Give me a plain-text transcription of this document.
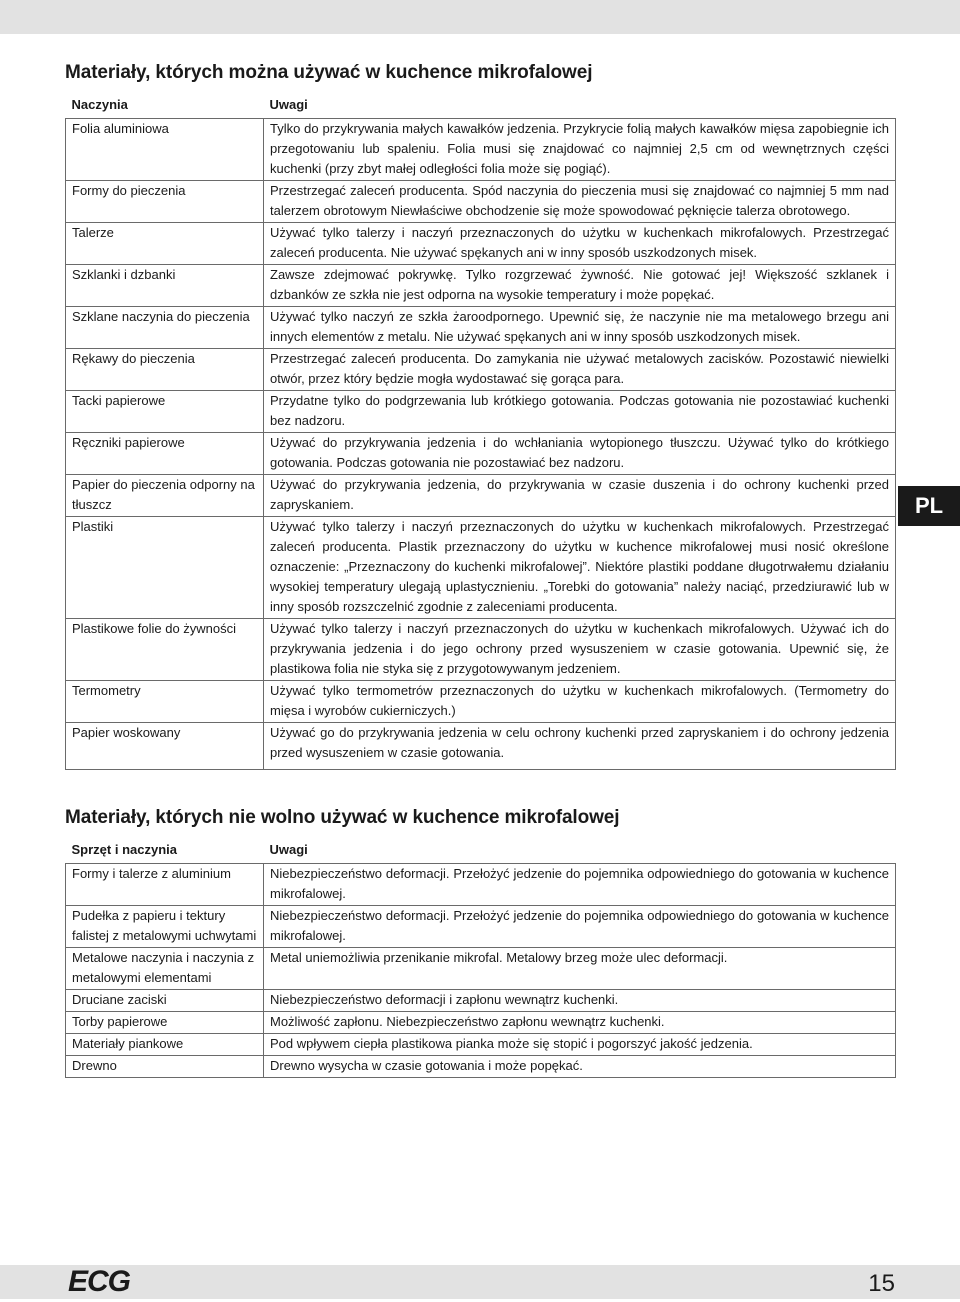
Materiały, których można używać w kuchence mikrofalowej
Naczynia	Uwagi
Folia aluminiowa	Tylko do przykrywania małych kawałków jedzenia. Przykrycie folią małych kawałków mięsa zapobiegnie ich przegotowaniu lub spaleniu. Folia musi się znajdować co najmniej 2,5 cm od wewnętrznych części kuchenki (przy zbyt małej odległości folia może się pogiąć).
Formy do pieczenia	Przestrzegać zaleceń producenta. Spód naczynia do pieczenia musi się znajdować co najmniej 5 mm nad talerzem obrotowym Niewłaściwe obchodzenie się może spowodować pęknięcie talerza obrotowego.
Talerze	Używać tylko talerzy i naczyń przeznaczonych do użytku w kuchenkach mikrofalowych. Przestrzegać zaleceń producenta. Nie używać spękanych ani w inny sposób uszkodzonych misek.
Szklanki i dzbanki	Zawsze zdejmować pokrywkę. Tylko rozgrzewać żywność. Nie gotować jej! Większość szklanek i dzbanków ze szkła nie jest odporna na wysokie temperatury i może popękać.
Szklane naczynia do pieczenia	Używać tylko naczyń ze szkła żaroodpornego. Upewnić się, że naczynie nie ma metalowego brzegu ani innych elementów z metalu. Nie używać spękanych ani w inny sposób uszkodzonych misek.
Rękawy do pieczenia	Przestrzegać zaleceń producenta. Do zamykania nie używać metalowych zacisków. Pozostawić niewielki otwór, przez który będzie mogła wydostawać się gorąca para.
Tacki papierowe	Przydatne tylko do podgrzewania lub krótkiego gotowania. Podczas gotowania nie pozostawiać kuchenki bez nadzoru.
Ręczniki papierowe	Używać do przykrywania jedzenia i do wchłaniania wytopionego tłuszczu. Używać tylko do krótkiego gotowania. Podczas gotowania nie pozostawiać bez nadzoru.
Papier do pieczenia odporny na tłuszcz	Używać do przykrywania jedzenia, do przykrywania w czasie duszenia i do ochrony kuchenki przed zapryskaniem.
Plastiki	Używać tylko talerzy i naczyń przeznaczonych do użytku w kuchenkach mikrofalowych. Przestrzegać zaleceń producenta. Plastik przeznaczony do użytku w kuchence mikrofalowej musi nosić określone oznaczenie: „Przeznaczony do kuchenki mikrofalowej”. Niektóre plastiki poddane długotrwałemu działaniu wysokiej temperatury ulegają uplastycznieniu. „Torebki do gotowania” należy naciąć, przedziurawić lub w inny sposób rozszczelnić zgodnie z zaleceniami producenta.
Plastikowe folie do żywności	Używać tylko talerzy i naczyń przeznaczonych do użytku w kuchenkach mikrofalowych. Używać ich do przykrywania jedzenia i do jego ochrony przed wysuszeniem w czasie gotowania. Upewnić się, że plastikowa folia nie styka się z przygotowywanym jedzeniem.
Termometry	Używać tylko termometrów przeznaczonych do użytku w kuchenkach mikrofalowych. (Termometry do mięsa i wyrobów cukierniczych.)
Papier woskowany	Używać go do przykrywania jedzenia w celu ochrony kuchenki przed zapryskaniem i do ochrony jedzenia przed wysuszeniem w czasie gotowania.
Materiały, których nie wolno używać w kuchence mikrofalowej
Sprzęt i naczynia	Uwagi
Formy i talerze z aluminium	Niebezpieczeństwo deformacji. Przełożyć jedzenie do pojemnika odpowiedniego do gotowania w kuchence mikrofalowej.
Pudełka z papieru i tektury falistej z metalowymi uchwytami	Niebezpieczeństwo deformacji. Przełożyć jedzenie do pojemnika odpowiedniego do gotowania w kuchence mikrofalowej.
Metalowe naczynia i naczynia z metalowymi elementami	Metal uniemożliwia przenikanie mikrofal. Metalowy brzeg może ulec deformacji.
Druciane zaciski	Niebezpieczeństwo deformacji i zapłonu wewnątrz kuchenki.
Torby papierowe	Możliwość zapłonu. Niebezpieczeństwo zapłonu wewnątrz kuchenki.
Materiały piankowe	Pod wpływem ciepła plastikowa pianka może się stopić i pogorszyć jakość jedzenia.
Drewno	Drewno wysycha w czasie gotowania i może popękać.
PL
ECG	15
